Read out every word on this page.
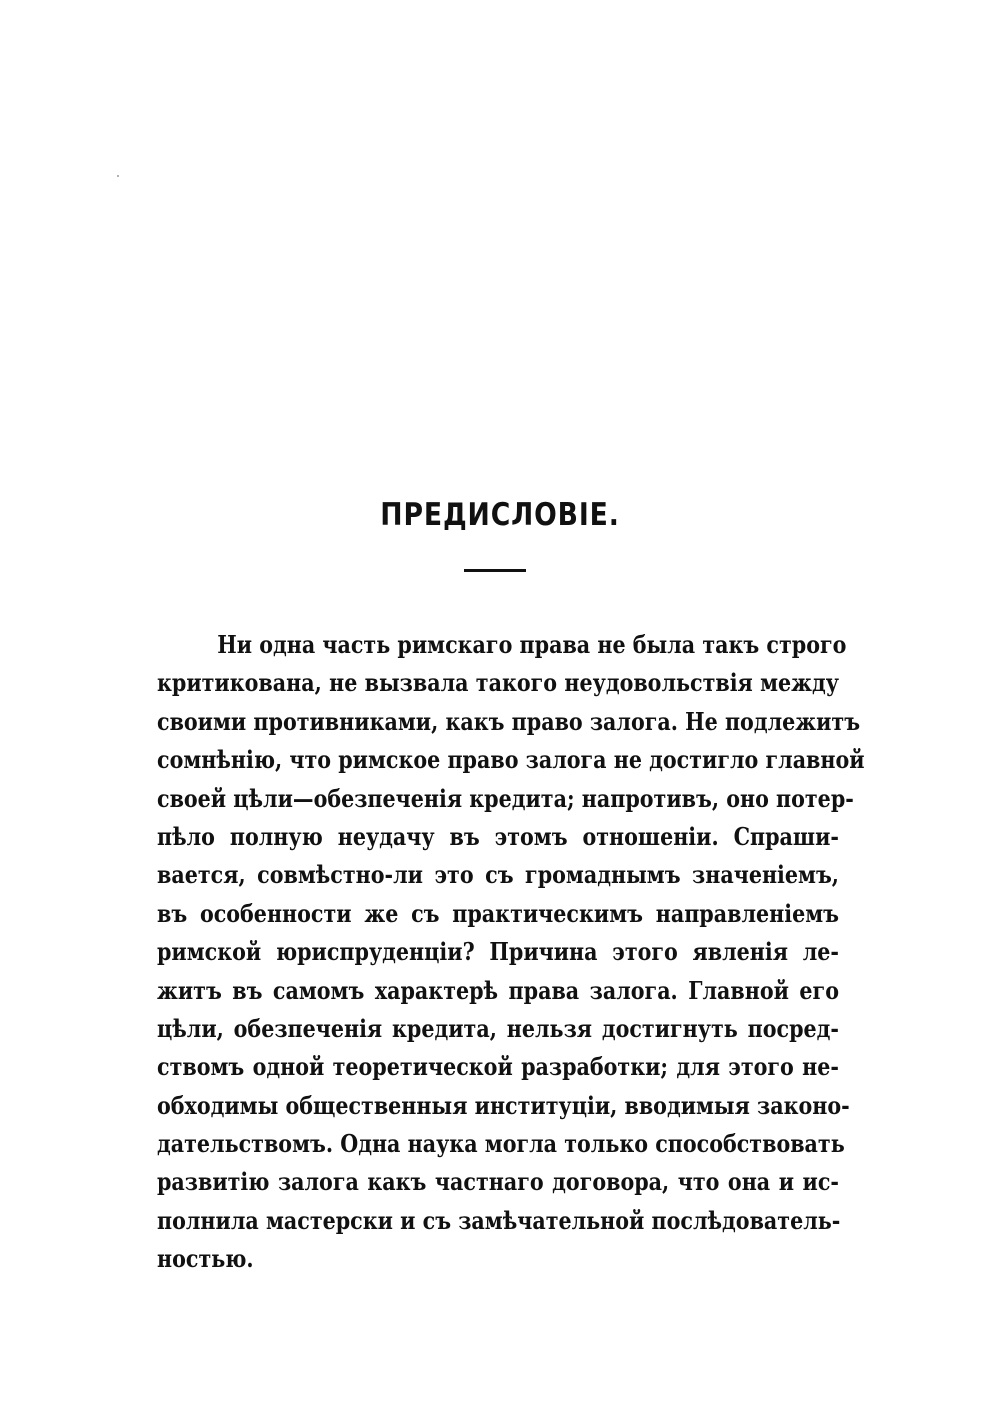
ПРЕДИСЛОВІЕ.
Ни одна часть римскаго права не была такъ строго
критикована, не вызвала такого неудовольствія между
своими противниками, какъ право залога. Не подлежитъ
сомнѣнію, что римское право залога не достигло главной
своей цѣли—обезпеченія кредита; напротивъ, оно потер-
пѣло полную неудачу въ этомъ отношеніи. Спраши-
вается, совмѣстно-ли это съ громаднымъ значеніемъ,
въ особенности же съ практическимъ направленіемъ
римской юриспруденціи? Причина этого явленія ле-
житъ въ самомъ характерѣ права залога. Главной его
цѣли, обезпеченія кредита, нельзя достигнуть посред-
ствомъ одной теоретической разработки; для этого не-
обходимы общественныя институціи, вводимыя законо-
дательствомъ. Одна наука могла только способствовать
развитію залога какъ частнаго договора, что она и ис-
полнила мастерски и съ замѣчательной послѣдователь-
ностью.
